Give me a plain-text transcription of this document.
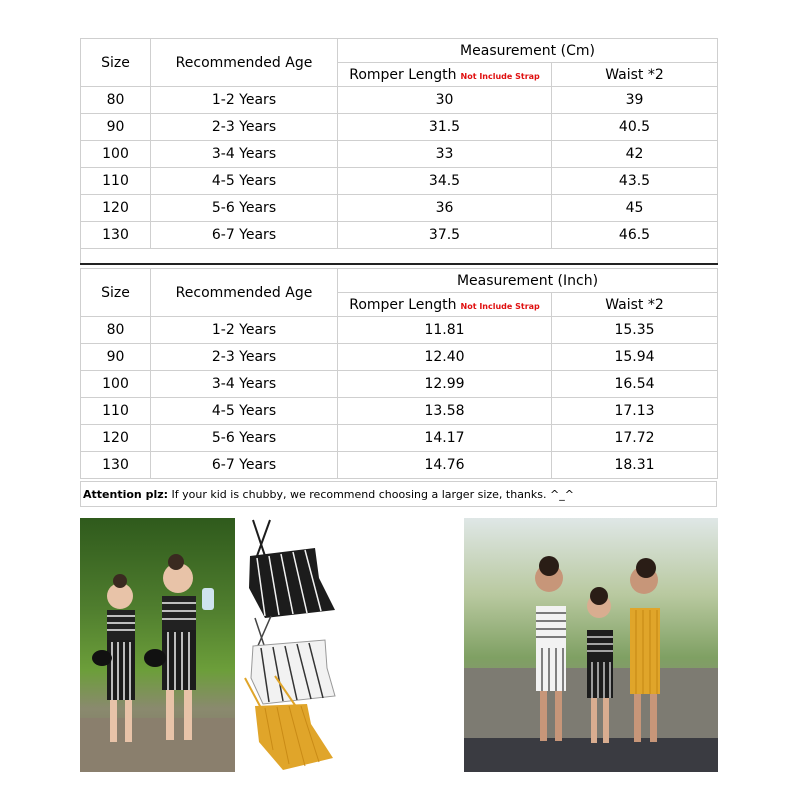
Size	Recommended Age	Measurement (Cm)	
		Romper Length Not Include Strap	Waist *2
80	1-2 Years	30	39
90	2-3 Years	31.5	40.5
100	3-4 Years	33	42
110	4-5 Years	34.5	43.5
120	5-6 Years	36	45
130	6-7 Years	37.5	46.5

Size	Recommended Age	Measurement (Inch)	
		Romper Length Not Include Strap	Waist *2
80	1-2 Years	11.81	15.35
90	2-3 Years	12.40	15.94
100	3-4 Years	12.99	16.54
110	4-5 Years	13.58	17.13
120	5-6 Years	14.17	17.72
130	6-7 Years	14.76	18.31
Attention plz: If your kid is chubby, we recommend choosing a larger size, thanks. ^_^
